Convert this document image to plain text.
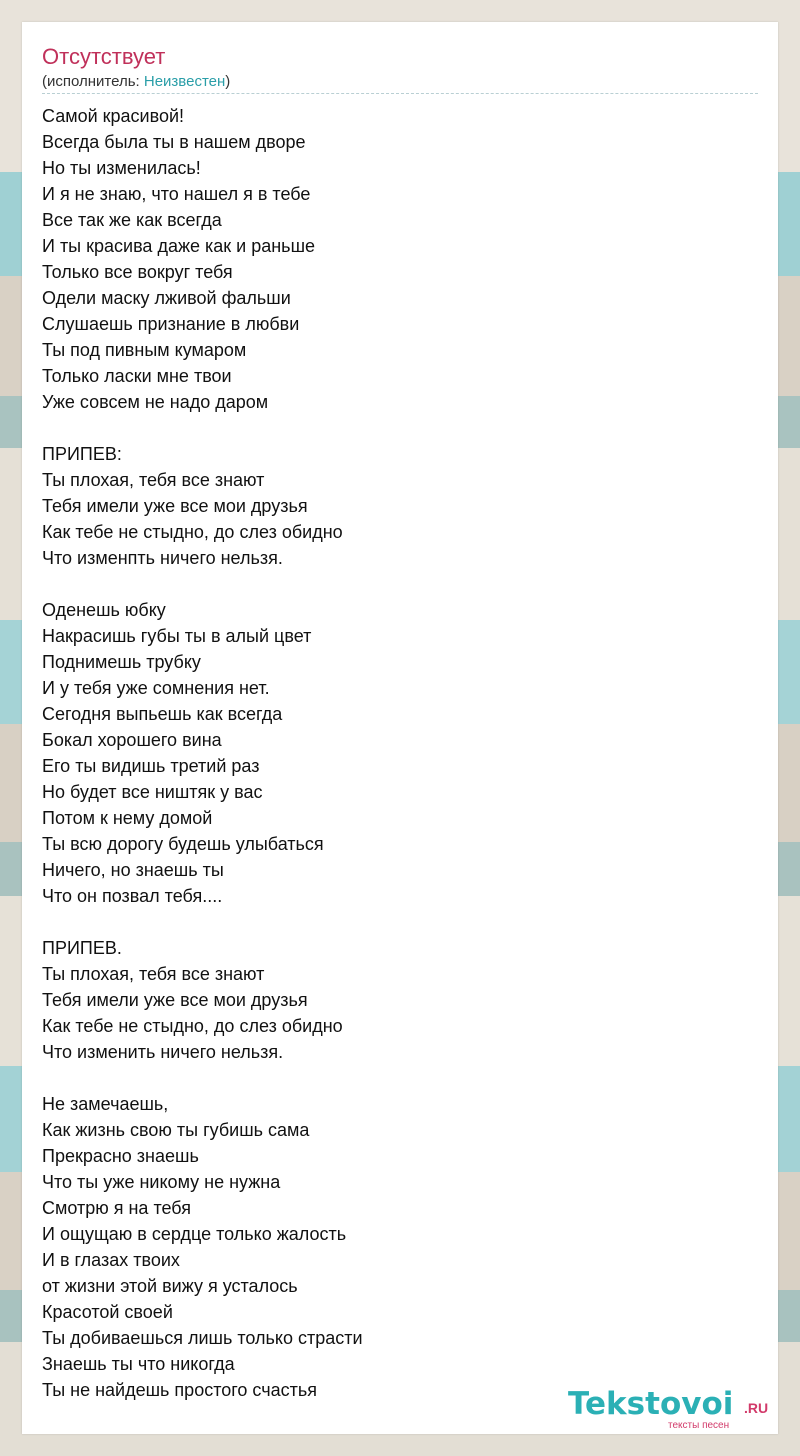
Отсутствует
(исполнитель: Неизвестен)
Самой красивой!
Всегда была ты в нашем дворе
Но ты изменилась!
И я не знаю, что нашел я в тебе
Все так же как всегда
И ты красива даже как и раньше
Только все вокруг тебя
Одели маску лживой фальши
Слушаешь признание в любви
Ты под пивным кумаром
Только ласки мне твои
Уже совсем не надо даром
ПРИПЕВ:
Ты плохая, тебя все знают
Тебя имели уже все мои друзья
Как тебе не стыдно, до слез обидно
Что изменпть ничего нельзя.
Оденешь юбку
Накрасишь губы ты в алый цвет
Поднимешь трубку
И у тебя уже сомнения нет.
Сегодня выпьешь как всегда
Бокал хорошего вина
Его ты видишь третий раз
Но будет все ништяк у вас
Потом к нему домой
Ты всю дорогу будешь улыбаться
Ничего, но знаешь ты
Что он позвал тебя....
ПРИПЕВ.
Ты плохая, тебя все знают
Тебя имели уже все мои друзья
Как тебе не стыдно, до слез обидно
Что изменить ничего нельзя.
Не замечаешь,
Как жизнь свою ты губишь сама
Прекрасно знаешь
Что ты уже никому не нужна
Смотрю я на тебя
И ощущаю в сердце только жалость
И в глазах твоих
от жизни этой вижу я усталось
Красотой своей
Ты добиваешься лишь только страсти
Знаешь ты что никогда
Ты не найдешь простого счастья	Tekstovoi .RU
тексты песен
